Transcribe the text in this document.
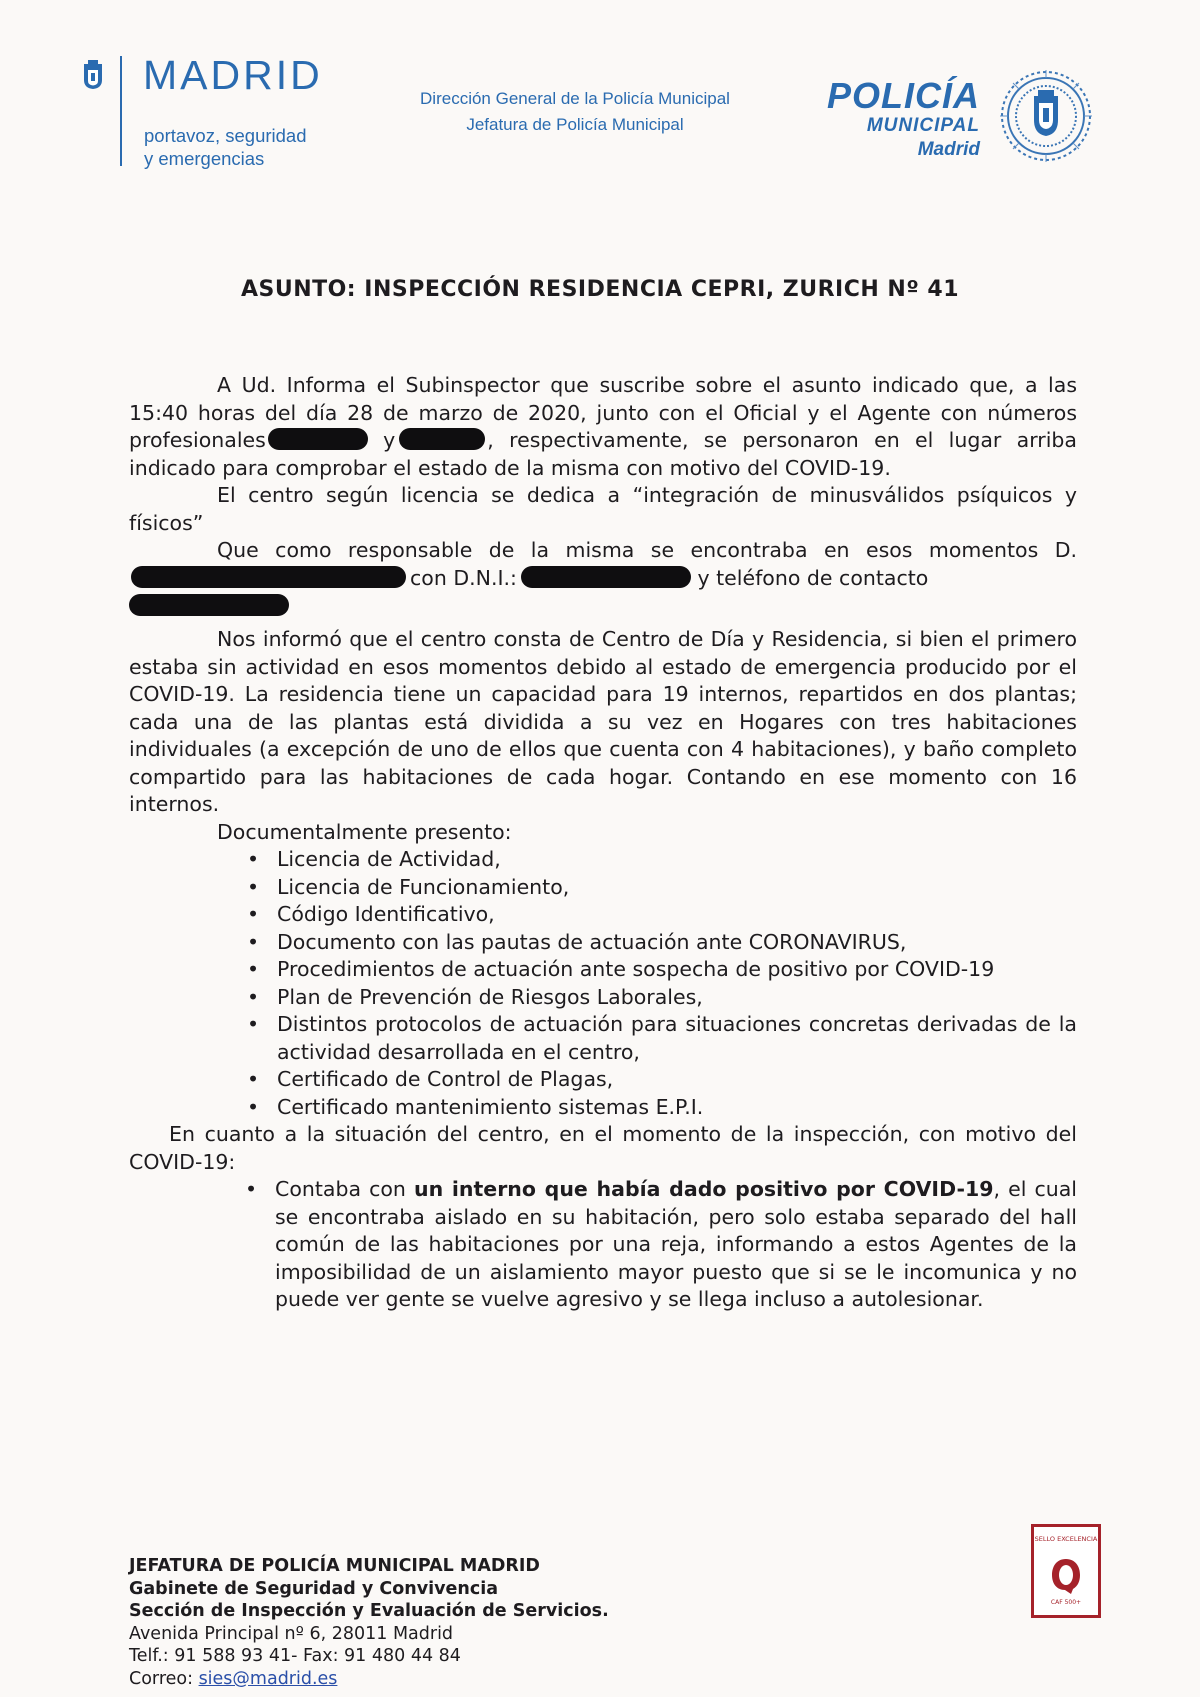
MADRID
portavoz, seguridad
y emergencias
Dirección General de la Policía Municipal
Jefatura de Policía Municipal
POLICÍA
MUNICIPAL
Madrid
ASUNTO: INSPECCIÓN RESIDENCIA CEPRI, ZURICH Nº 41

A Ud. Informa el Subinspector que suscribe sobre el asunto indicado que, a las 15:40 horas del día 28 de marzo de 2020, junto con el Oficial y el Agente con números profesionales	y	, respectivamente, se personaron en el lugar arriba indicado para comprobar el estado de la misma con motivo del COVID-19.

El centro según licencia se dedica a “integración de minusválidos psíquicos y físicos”

Que como responsable de la misma se encontraba en esos momentos D.con D.N.I.:	y teléfono de contacto

Nos informó que el centro consta de Centro de Día y Residencia, si bien el primero estaba sin actividad en esos momentos debido al estado de emergencia producido por el COVID-19. La residencia tiene un capacidad para 19 internos, repartidos en dos plantas; cada una de las plantas está dividida a su vez en Hogares con tres habitaciones individuales (a excepción de uno de ellos que cuenta con 4 habitaciones), y baño completo compartido para las habitaciones de cada hogar. Contando en ese momento con 16 internos.

Documentalmente presento:

• Licencia de Actividad,
• Licencia de Funcionamiento,
• Código Identificativo,
• Documento con las pautas de actuación ante CORONAVIRUS,
• Procedimientos de actuación ante sospecha de positivo por COVID-19
• Plan de Prevención de Riesgos Laborales,
• Distintos protocolos de actuación para situaciones concretas derivadas de la actividad desarrollada en el centro,
• Certificado de Control de Plagas,
• Certificado mantenimiento sistemas E.P.I.

En cuanto a la situación del centro, en el momento de la inspección, con motivo del COVID-19:

• Contaba con un interno que había dado positivo por COVID-19, el cual se encontraba aislado en su habitación, pero solo estaba separado del hall común de las habitaciones por una reja, informando a estos Agentes de la imposibilidad de un aislamiento mayor puesto que si se le incomunica y no puede ver gente se vuelve agresivo y se llega incluso a autolesionar.
JEFATURA DE POLICÍA MUNICIPAL MADRID
Gabinete de Seguridad y Convivencia
Sección de Inspección y Evaluación de Servicios.
Avenida Principal nº 6, 28011 Madrid
Telf.: 91 588 93 41- Fax: 91 480 44 84
Correo: sies@madrid.es
SELLO EXCELENCIA
CAF 500+
